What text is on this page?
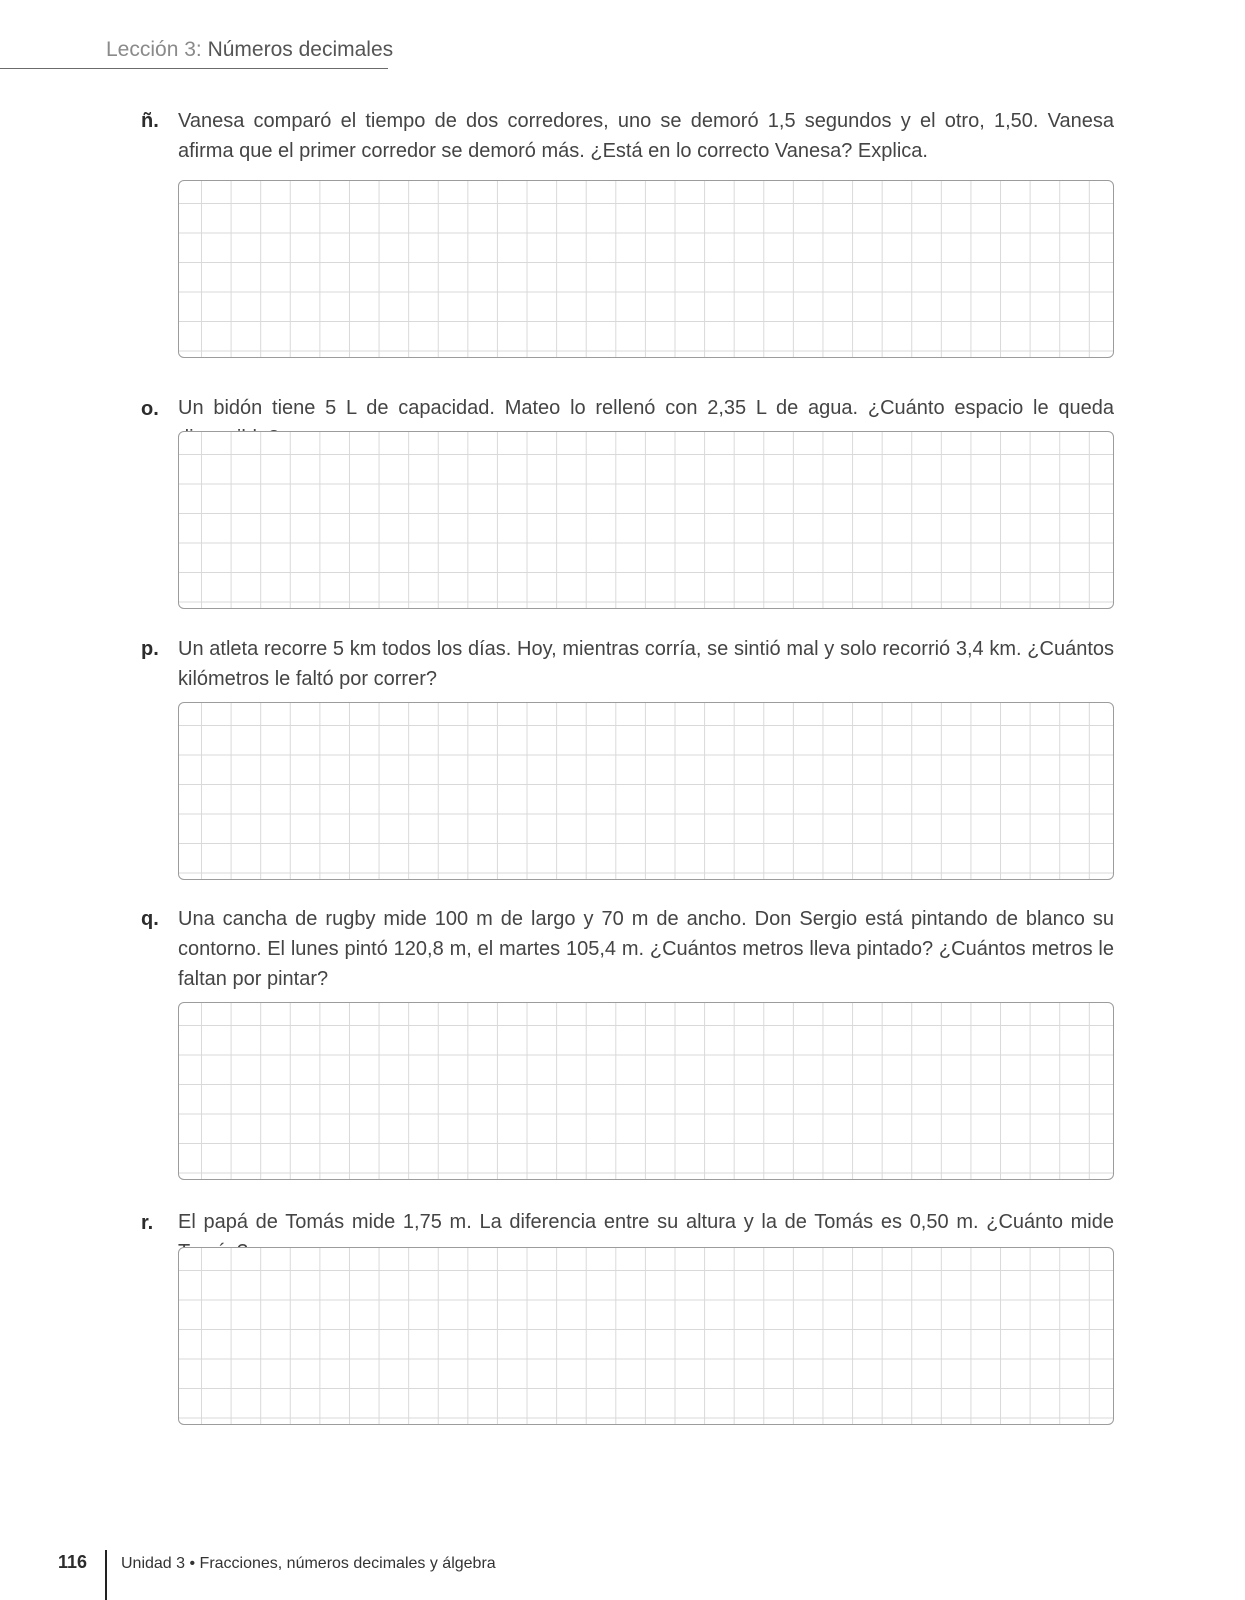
Lección 3: Números decimales
ñ. Vanesa comparó el tiempo de dos corredores, uno se demoró 1,5 segundos y el otro, 1,50. Vanesa afirma que el primer corredor se demoró más. ¿Está en lo correcto Vanesa? Explica.
o. Un bidón tiene 5 L de capacidad. Mateo lo rellenó con 2,35 L de agua. ¿Cuánto espacio le queda
p. Un atleta recorre 5 km todos los días. Hoy, mientras corría, se sintió mal y solo recorrió 3,4 km. ¿Cuántos kilómetros le faltó por correr?
q. Una cancha de rugby mide 100 m de largo y 70 m de ancho. Don Sergio está pintando de blanco su contorno. El lunes pintó 120,8 m, el martes 105,4 m. ¿Cuántos metros lleva pintado? ¿Cuántos metros le faltan por pintar?
r. El papá de Tomás mide 1,75 m. La diferencia entre su altura y la de Tomás es 0,50 m. ¿Cuánto mide
116 Unidad 3 • Fracciones, números decimales y álgebra
